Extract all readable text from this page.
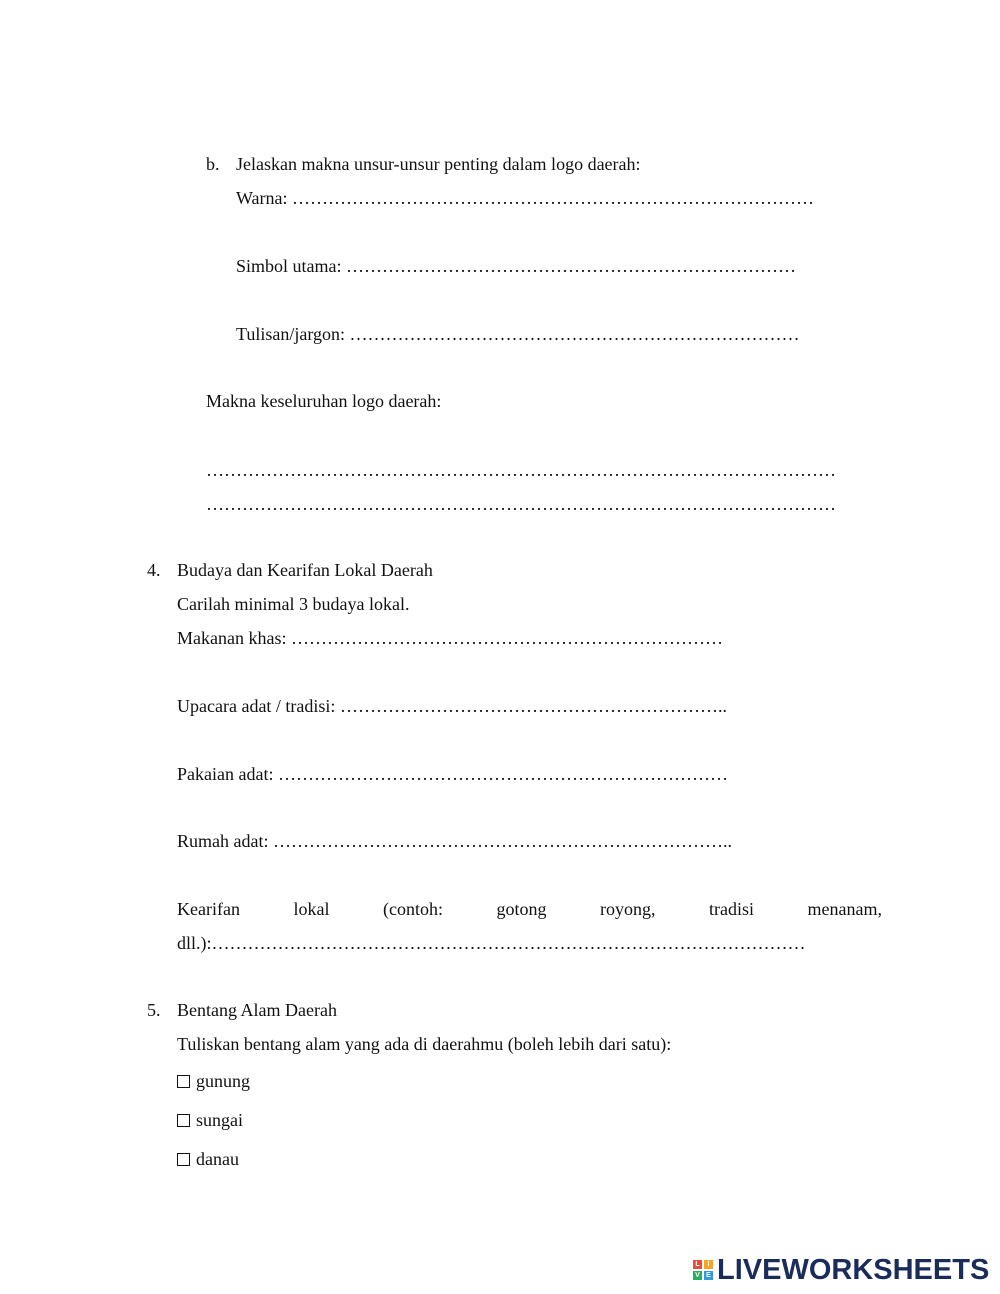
b. Jelaskan makna unsur-unsur penting dalam logo daerah:
Warna: ……………………………………………………………………………
Simbol utama: …………………………………………………………………
Tulisan/jargon: …………………………………………………………………
Makna keseluruhan logo daerah:
……………………………………………………………………………………………
……………………………………………………………………………………………
4. Budaya dan Kearifan Lokal Daerah
Carilah minimal 3 budaya lokal.
Makanan khas: ………………………………………………………………
Upacara adat / tradisi: ………………………………………………………..
Pakaian adat: …………………………………………………………………
Rumah adat: …………………………………………………………………..
Kearifan	lokal	(contoh:	gotong	royong,	tradisi	menanam,
dll.):………………………………………………………………………………………
5. Bentang Alam Daerah
Tuliskan bentang alam yang ada di daerahmu (boleh lebih dari satu):
gunung
sungai
danau
L	I
V E LIVEWORKSHEETS
